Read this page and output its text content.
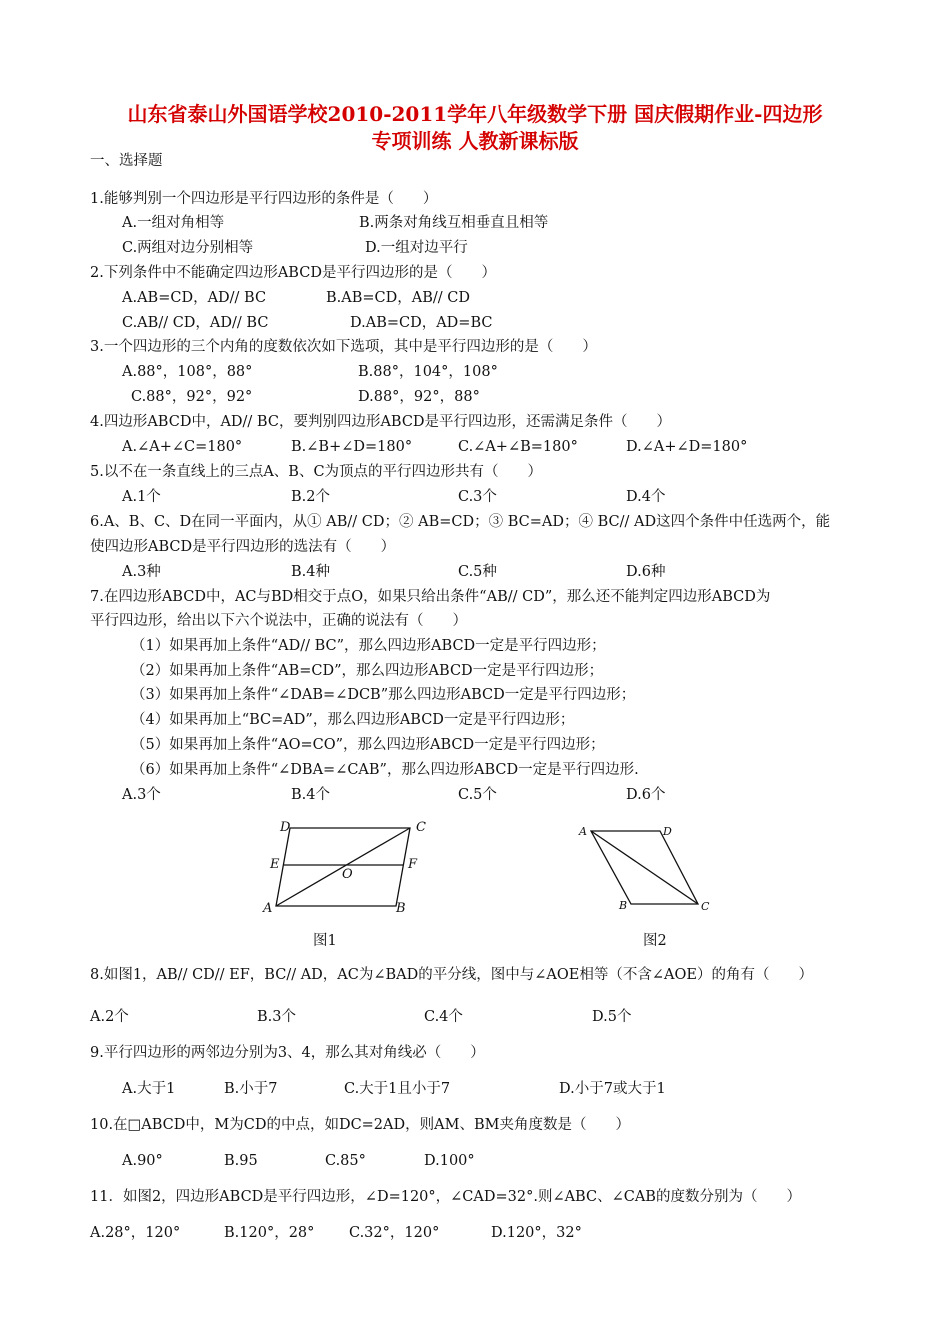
山东省泰山外国语学校2010-2011学年八年级数学下册 国庆假期作业-四边形
专项训练 人教新课标版
一、选择题
1.能够判别一个四边形是平行四边形的条件是（　　）
A.一组对角相等	B.两条对角线互相垂直且相等
C.两组对边分别相等	D.一组对边平行
2.下列条件中不能确定四边形ABCD是平行四边形的是（　　）
A.AB=CD，AD// BC	B.AB=CD，AB// CD
C.AB// CD，AD// BC	D.AB=CD，AD=BC
3.一个四边形的三个内角的度数依次如下选项，其中是平行四边形的是（　　）
A.88°，108°，88°	B.88°，104°，108°
C.88°，92°，92°	D.88°，92°，88°
4.四边形ABCD中，AD// BC，要判别四边形ABCD是平行四边形，还需满足条件（　　）
A.∠A+∠C=180°	B.∠B+∠D=180°	C.∠A+∠B=180°	D.∠A+∠D=180°
5.以不在一条直线上的三点A、B、C为顶点的平行四边形共有（　　）
A.1个	B.2个	C.3个	D.4个
6.A、B、C、D在同一平面内，从① AB// CD；② AB=CD；③ BC=AD；④ BC// AD这四个条件中任选两个，能
使四边形ABCD是平行四边形的选法有（　　）
A.3种	B.4种	C.5种	D.6种
7.在四边形ABCD中，AC与BD相交于点O，如果只给出条件“AB// CD”，那么还不能判定四边形ABCD为
平行四边形，给出以下六个说法中，正确的说法有（　　）
（1）如果再加上条件“AD// BC”，那么四边形ABCD一定是平行四边形；
（2）如果再加上条件“AB=CD”，那么四边形ABCD一定是平行四边形；
（3）如果再加上条件“∠DAB=∠DCB”那么四边形ABCD一定是平行四边形；
（4）如果再加上“BC=AD”，那么四边形ABCD一定是平行四边形；
（5）如果再加上条件“AO=CO”，那么四边形ABCD一定是平行四边形；
（6）如果再加上条件“∠DBA=∠CAB”，那么四边形ABCD一定是平行四边形.
A.3个	B.4个	C.5个	D.6个
D	C
E	F
O
A	B
图1
A	D
B	C
图2
8.如图1，AB// CD// EF，BC// AD，AC为∠BAD的平分线，图中与∠AOE相等（不含∠AOE）的角有（　　）
A.2个	B.3个	C.4个	D.5个
9.平行四边形的两邻边分别为3、4，那么其对角线必（　　）
A.大于1	B.小于7	C.大于1且小于7	D.小于7或大于1
10.在□ABCD中，M为CD的中点，如DC=2AD，则AM、BM夹角度数是（　　）
A.90°	B.95	C.85°	D.100°
11．如图2，四边形ABCD是平行四边形，∠D=120°，∠CAD=32°.则∠ABC、∠CAB的度数分别为（　　）
A.28°，120°	B.120°，28° C.32°，120°	D.120°，32°
